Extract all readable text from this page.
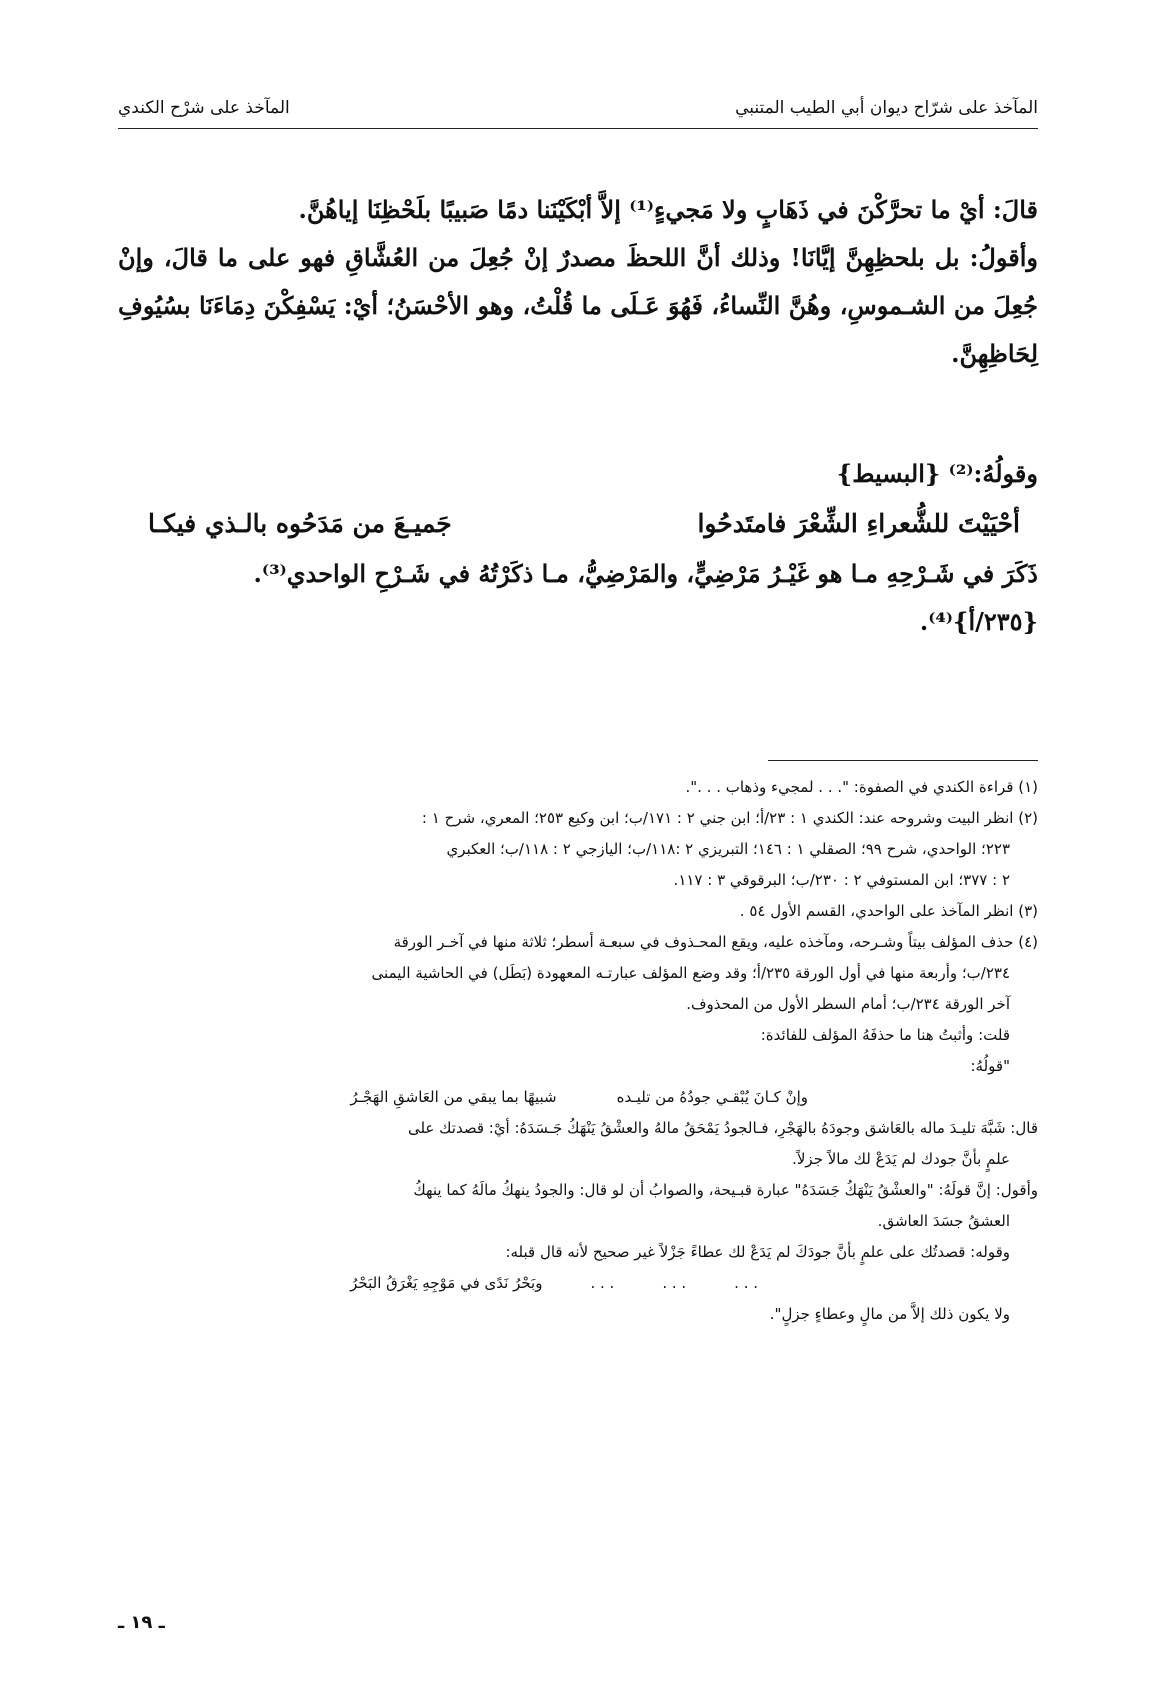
المآخذ على شرّاح ديوان أبي الطيب المتنبي
المآخذ على شرْح الكندي

قالَ: أيْ ما تحرَّكْنَ في ذَهَابٍ ولا مَجيءٍ⁽¹⁾ إلاَّ أبْكَيْنَنا دمًا صَبيبًا بلَحْظِنَا إياهُنَّ.

وأقولُ: بل بلحظِهِنَّ إيَّانَا! وذلك أنَّ اللحظَ مصدرٌ إنْ جُعِلَ من العُشَّاقِ فهو على ما قالَ، وإنْ جُعِلَ من الشـموسِ، وهُنَّ النِّساءُ، فَهُوَ عَـلَى ما قُلْتُ، وهو الأحْسَنُ؛ أيْ: يَسْفِكْنَ دِمَاءَنَا بسُيُوفِ لِحَاظِهِنَّ.

وقولُهُ:⁽²⁾ {البسيط}

أحْيَيْتَ للشُّعراءِ الشِّعْرَ فامتَدحُوا
جَميـعَ من مَدَحُوه بالـذي فيكـا

ذَكَرَ في شَـرْحِهِ مـا هو غَيْـرُ مَرْضِيٍّ، والمَرْضِيُّ، مـا ذكَرْتُهُ في شَـرْحِ الواحدي⁽³⁾.

{٢٣٥/أ}⁽⁴⁾.

(١) قراءة الكندي في الصفوة: ". . . لمجيء وذهاب . . .".
(٢) انظر البيت وشروحه عند: الكندي ١ : ٢٣/أ؛ ابن جني ٢ : ١٧١/ب؛ ابن وكيع ٢٥٣؛ المعري، شرح ١ :
٢٢٣؛ الواحدي، شرح ٩٩؛ الصقلي ١ : ١٤٦؛ التبريزي ٢ :١١٨/ب؛ اليازجي ٢ : ١١٨/ب؛ العكبري
٢ : ٣٧٧؛ ابن المستوفي ٢ : ٢٣٠/ب؛ البرقوقي ٣ : ١١٧.
(٣) انظر المآخذ على الواحدي، القسم الأول ٥٤ .
(٤) حذف المؤلف بيتاً وشـرحه، ومآخذه عليه، ويقع المحـذوف في سبعـة أسطر؛ ثلاثة منها في آخـر الورقة
٢٣٤/ب؛ وأربعة منها في أول الورقة ٢٣٥/أ؛ وقد وضع المؤلف عبارتـه المعهودة (بَطَل) في الحاشية اليمنى
آخر الورقة ٢٣٤/ب؛ أمام السطر الأول من المحذوف.
قلت: وأثبتُ هنا ما حذفَهُ المؤلف للفائدة:
"قولُهُ:
وإنْ كـانَ يُبْقـي جودُهُ من تليـده
شبيهًا بما يبقي من العَاشقِ الهَجْـرُ
قال: شَبَّهَ تليـدَ ماله بالعَاشق وجودَهُ بالهَجْرِ، فـالجودُ يَمْحَقُ مالهُ والعشْقُ يَنْهَكُ جَـسَدَهُ: أيْ: قصدتك على
علمٍ بأنَّ جودك لم يَدَعْ لك مالاً جزلاً.
وأقول: إنَّ قولَهُ: "والعشْقُ يَنْهَكُ جَسَدَهُ" عبارة قبـيحة، والصوابُ أن لو قال: والجودُ ينهكُ مالَهُ كما ينهكُ
العشقُ جسَدَ العاشق.
وقوله: قصدتُك على علمٍ بأنَّ جودَكَ لم يَدَعْ لك عطاءً جَزْلاً غير صحيح لأنه قال قبله:
. . .
. . .
. . .
وبَحْرُ نَدًى في مَوْجِهِ يَغْرَقُ البَحْرُ
ولا يكون ذلك إلاَّ من مالٍ وعطاءٍ جزلٍ".
ـ ١٩ ـ
